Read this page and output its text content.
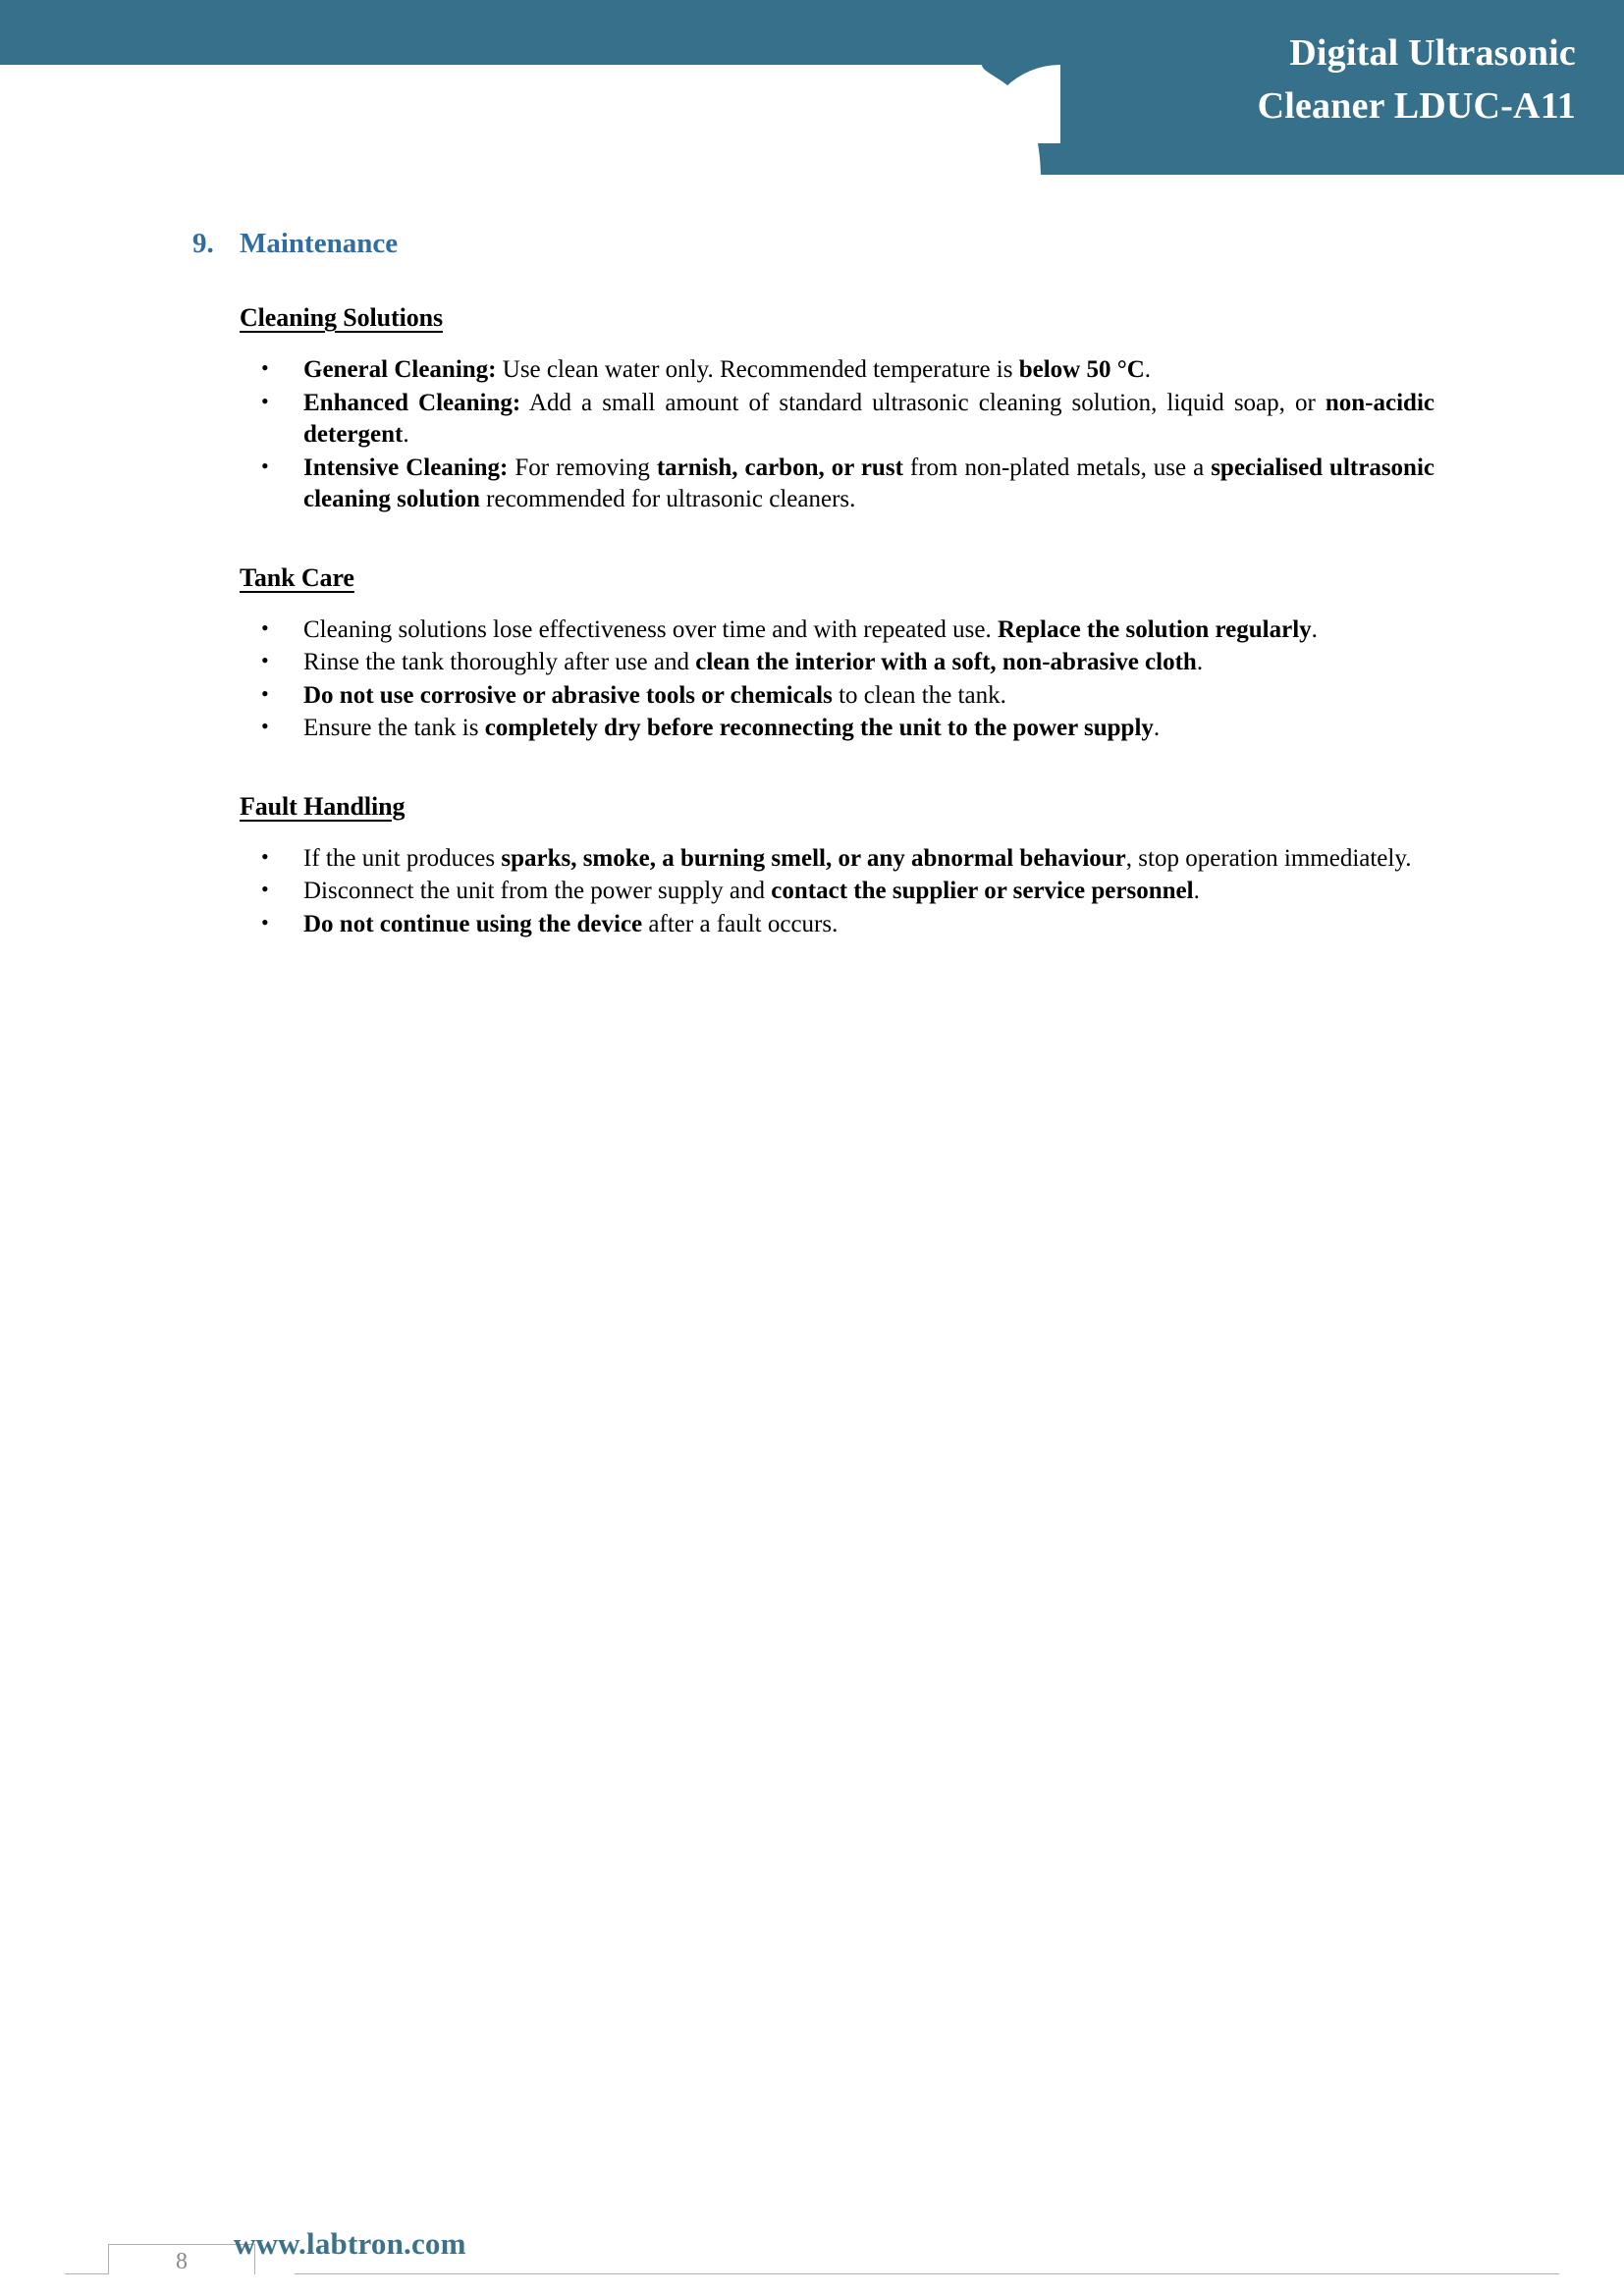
Digital Ultrasonic
Cleaner LDUC-A11
9. Maintenance
Cleaning Solutions
• General Cleaning: Use clean water only. Recommended temperature is below 50 °C.
• Enhanced Cleaning: Add a small amount of standard ultrasonic cleaning solution, liquid soap, or non-acidic detergent.
• Intensive Cleaning: For removing tarnish, carbon, or rust from non-plated metals, use a specialised ultrasonic cleaning solution recommended for ultrasonic cleaners.
Tank Care
• Cleaning solutions lose effectiveness over time and with repeated use. Replace the solution regularly.
• Rinse the tank thoroughly after use and clean the interior with a soft, non-abrasive cloth.
• Do not use corrosive or abrasive tools or chemicals to clean the tank.
• Ensure the tank is completely dry before reconnecting the unit to the power supply.
Fault Handling
• If the unit produces sparks, smoke, a burning smell, or any abnormal behaviour, stop operation immediately.
• Disconnect the unit from the power supply and contact the supplier or service personnel.
• Do not continue using the device after a fault occurs.
8
www.labtron.com
